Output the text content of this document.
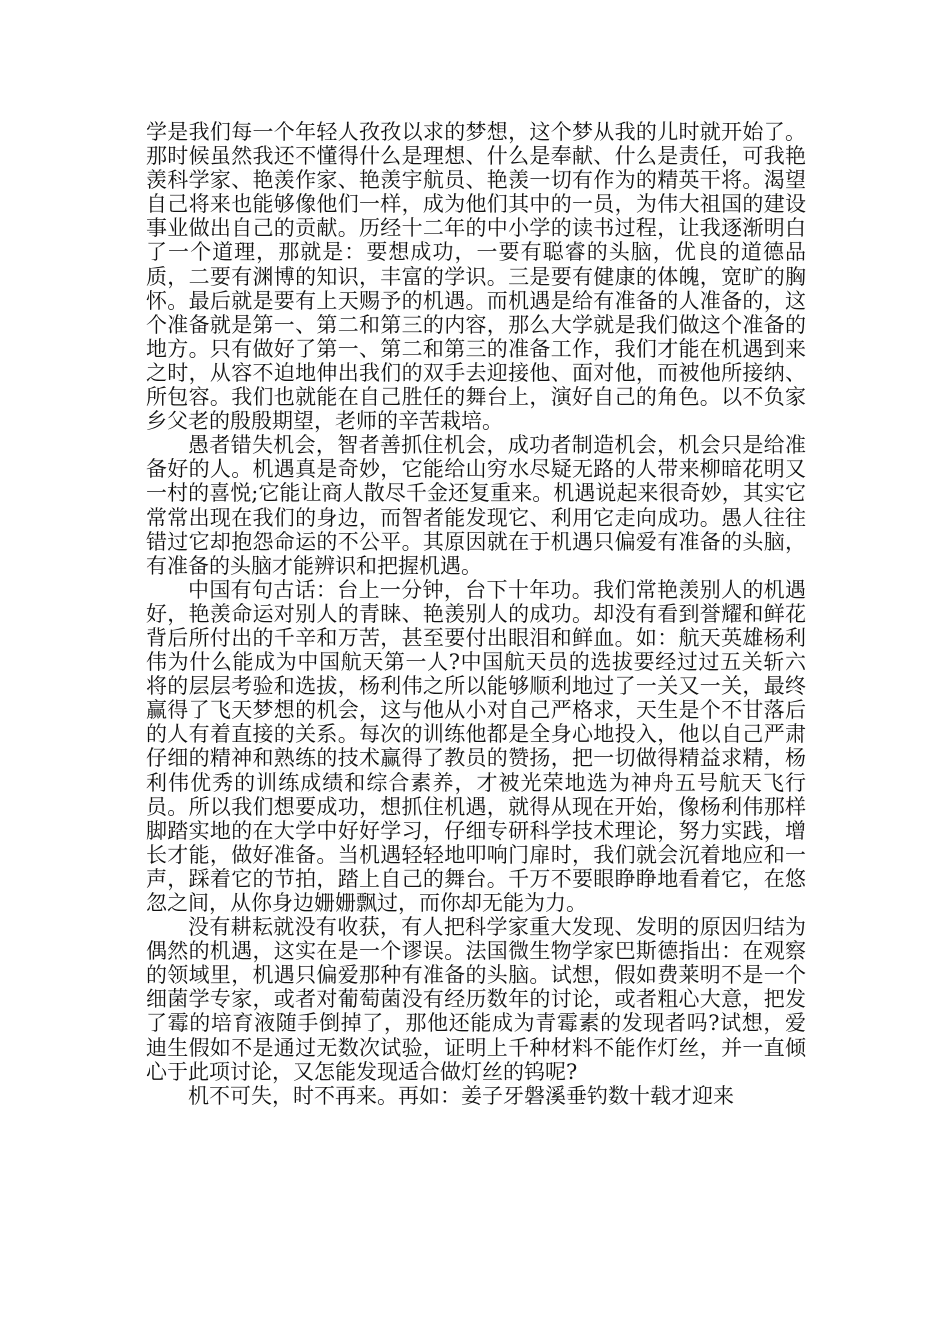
学是我们每一个年轻人孜孜以求的梦想，这个梦从我的儿时就开始了。那时候虽然我还不懂得什么是理想、什么是奉献、什么是责任，可我艳羡科学家、艳羡作家、艳羡宇航员、艳羡一切有作为的精英干将。渴望自己将来也能够像他们一样，成为他们其中的一员，为伟大祖国的建设事业做出自己的贡献。历经十二年的中小学的读书过程，让我逐渐明白了一个道理，那就是：要想成功，一要有聪睿的头脑，优良的道德品质，二要有渊博的知识，丰富的学识。三是要有健康的体魄，宽旷的胸怀。最后就是要有上天赐予的机遇。而机遇是给有准备的人准备的，这个准备就是第一、第二和第三的内容，那么大学就是我们做这个准备的地方。只有做好了第一、第二和第三的准备工作，我们才能在机遇到来之时，从容不迫地伸出我们的双手去迎接他、面对他，而被他所接纳、所包容。我们也就能在自己胜任的舞台上，演好自己的角色。以不负家乡父老的殷殷期望，老师的辛苦栽培。

愚者错失机会，智者善抓住机会，成功者制造机会，机会只是给准备好的人。机遇真是奇妙，它能给山穷水尽疑无路的人带来柳暗花明又一村的喜悦;它能让商人散尽千金还复重来。机遇说起来很奇妙，其实它常常出现在我们的身边，而智者能发现它、利用它走向成功。愚人往往错过它却抱怨命运的不公平。其原因就在于机遇只偏爱有准备的头脑，有准备的头脑才能辨识和把握机遇。

中国有句古话：台上一分钟，台下十年功。我们常艳羡别人的机遇好，艳羡命运对别人的青睐、艳羡别人的成功。却没有看到誉耀和鲜花背后所付出的千辛和万苦，甚至要付出眼泪和鲜血。如：航天英雄杨利伟为什么能成为中国航天第一人?中国航天员的选拔要经过过五关斩六将的层层考验和选拔，杨利伟之所以能够顺利地过了一关又一关，最终赢得了飞天梦想的机会，这与他从小对自己严格求，天生是个不甘落后的人有着直接的关系。每次的训练他都是全身心地投入，他以自己严肃仔细的精神和熟练的技术赢得了教员的赞扬，把一切做得精益求精，杨利伟优秀的训练成绩和综合素养，才被光荣地选为神舟五号航天飞行员。所以我们想要成功，想抓住机遇，就得从现在开始，像杨利伟那样脚踏实地的在大学中好好学习，仔细专研科学技术理论，努力实践，增长才能，做好准备。当机遇轻轻地叩响门扉时，我们就会沉着地应和一声，踩着它的节拍，踏上自己的舞台。千万不要眼睁睁地看着它，在悠忽之间，从你身边姗姗飘过，而你却无能为力。

没有耕耘就没有收获，有人把科学家重大发现、发明的原因归结为偶然的机遇，这实在是一个谬误。法国微生物学家巴斯德指出：在观察的领域里，机遇只偏爱那种有准备的头脑。试想，假如费莱明不是一个细菌学专家，或者对葡萄菌没有经历数年的讨论，或者粗心大意，把发了霉的培育液随手倒掉了，那他还能成为青霉素的发现者吗?试想，爱迪生假如不是通过无数次试验，证明上千种材料不能作灯丝，并一直倾心于此项讨论，又怎能发现适合做灯丝的钨呢?

机不可失，时不再来。再如：姜子牙磐溪垂钓数十载才迎来
